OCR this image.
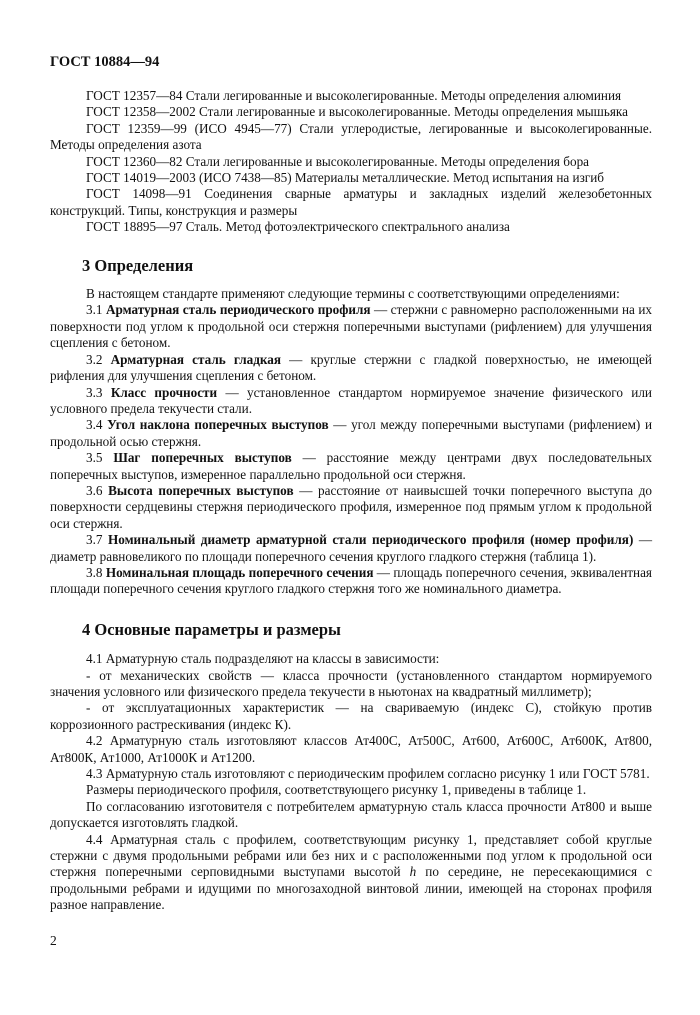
ГОСТ 10884—94

ГОСТ 12357—84 Стали легированные и высоколегированные. Методы определения алюминия

ГОСТ 12358—2002 Стали легированные и высоколегированные. Методы определения мышьяка

ГОСТ 12359—99 (ИСО 4945—77) Стали углеродистые, легированные и высоколегированные. Методы определения азота

ГОСТ 12360—82 Стали легированные и высоколегированные. Методы определения бора

ГОСТ 14019—2003 (ИСО 7438—85) Материалы металлические. Метод испытания на изгиб

ГОСТ 14098—91 Соединения сварные арматуры и закладных изделий железобетонных конструкций. Типы, конструкция и размеры

ГОСТ 18895—97 Сталь. Метод фотоэлектрического спектрального анализа

3 Определения

В настоящем стандарте применяют следующие термины с соответствующими определениями:

3.1 Арматурная сталь периодического профиля — стержни с равномерно расположенными на их поверхности под углом к продольной оси стержня поперечными выступами (рифлением) для улучшения сцепления с бетоном.

3.2 Арматурная сталь гладкая — круглые стержни с гладкой поверхностью, не имеющей рифления для улучшения сцепления с бетоном.

3.3 Класс прочности — установленное стандартом нормируемое значение физического или условного предела текучести стали.

3.4 Угол наклона поперечных выступов — угол между поперечными выступами (рифлением) и продольной осью стержня.

3.5 Шаг поперечных выступов — расстояние между центрами двух последовательных поперечных выступов, измеренное параллельно продольной оси стержня.

3.6 Высота поперечных выступов — расстояние от наивысшей точки поперечного выступа до поверхности сердцевины стержня периодического профиля, измеренное под прямым углом к продольной оси стержня.

3.7 Номинальный диаметр арматурной стали периодического профиля (номер профиля) — диаметр равновеликого по площади поперечного сечения круглого гладкого стержня (таблица 1).

3.8 Номинальная площадь поперечного сечения — площадь поперечного сечения, эквивалентная площади поперечного сечения круглого гладкого стержня того же номинального диаметра.

4 Основные параметры и размеры

4.1 Арматурную сталь подразделяют на классы в зависимости:

- от механических свойств — класса прочности (установленного стандартом нормируемого значения условного или физического предела текучести в ньютонах на квадратный миллиметр);

- от эксплуатационных характеристик — на свариваемую (индекс С), стойкую против коррозионного растрескивания (индекс К).

4.2 Арматурную сталь изготовляют классов Ат400С, Ат500С, Ат600, Ат600С, Ат600К, Ат800, Ат800К, Ат1000, Ат1000К и Ат1200.

4.3 Арматурную сталь изготовляют с периодическим профилем согласно рисунку 1 или ГОСТ 5781.

Размеры периодического профиля, соответствующего рисунку 1, приведены в таблице 1.

По согласованию изготовителя с потребителем арматурную сталь класса прочности Ат800 и выше допускается изготовлять гладкой.

4.4 Арматурная сталь с профилем, соответствующим рисунку 1, представляет собой круглые стержни с двумя продольными ребрами или без них и с расположенными под углом к продольной оси стержня поперечными серповидными выступами высотой h по середине, не пересекающимися с продольными ребрами и идущими по многозаходной винтовой линии, имеющей на сторонах профиля разное направление.

2
